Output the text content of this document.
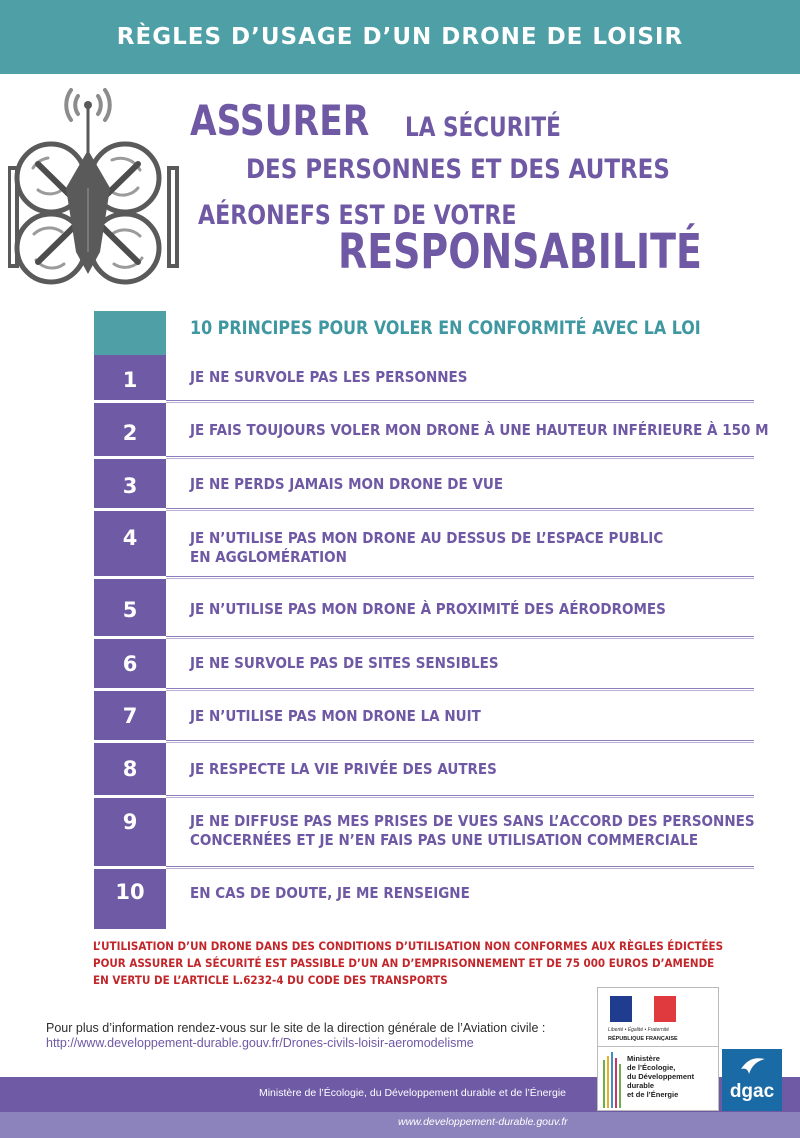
RÈGLES D’USAGE D’UN DRONE DE LOISIR
ASSURER LA SÉCURITÉ
DES PERSONNES ET DES AUTRES
AÉRONEFS EST DE VOTRE
RESPONSABILITÉ
10 PRINCIPES POUR VOLER EN CONFORMITÉ AVEC LA LOI
1	JE NE SURVOLE PAS LES PERSONNES
2	JE FAIS TOUJOURS VOLER MON DRONE À UNE HAUTEUR INFÉRIEURE À 150 M
3	JE NE PERDS JAMAIS MON DRONE DE VUE
4	JE N’UTILISE PAS MON DRONE AU DESSUS DE L’ESPACE PUBLIC
EN AGGLOMÉRATION
5	JE N’UTILISE PAS MON DRONE À PROXIMITÉ DES AÉRODROMES
6	JE NE SURVOLE PAS DE SITES SENSIBLES
7	JE N’UTILISE PAS MON DRONE LA NUIT
8	JE RESPECTE LA VIE PRIVÉE DES AUTRES
9	JE NE DIFFUSE PAS MES PRISES DE VUES SANS L’ACCORD DES PERSONNES
CONCERNÉES ET JE N’EN FAIS PAS UNE UTILISATION COMMERCIALE
10	EN CAS DE DOUTE, JE ME RENSEIGNE
L’UTILISATION D’UN DRONE DANS DES CONDITIONS D’UTILISATION NON CONFORMES AUX RÈGLES ÉDICTÉES
POUR ASSURER LA SÉCURITÉ EST PASSIBLE D’UN AN D’EMPRISONNEMENT ET DE 75 000 EUROS D’AMENDE
EN VERTU DE L’ARTICLE L.6232-4 DU CODE DES TRANSPORTS
Pour plus d’information rendez-vous sur le site de la direction générale de l’Aviation civile :
http://www.developpement-durable.gouv.fr/Drones-civils-loisir-aeromodelisme
Ministère de l’Écologie, du Développement durable et de l’Énergie
www.developpement-durable.gouv.fr
Liberté • Égalité • Fraternité
RÉPUBLIQUE FRANÇAISE
Ministère
de l’Écologie,
du Développement
durable
et de l’Énergie	dgac
